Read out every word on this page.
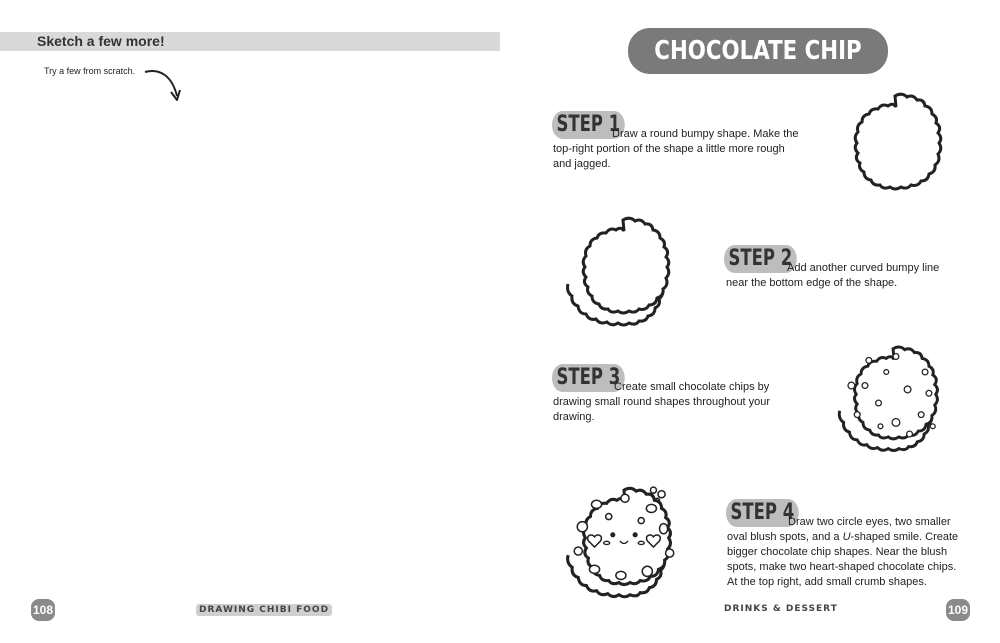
Sketch a few more!
Try a few from scratch.
108	DRAWING CHIBI FOOD
CHOCOLATE CHIP COOKIE
STEP 1
Draw a round bumpy shape. Make the top-right portion of the shape a little more rough and jagged.
STEP 2
Add another curved bumpy line near the bottom edge of the shape.
STEP 3
Create small chocolate chips by drawing small round shapes throughout your drawing.
STEP 4
Draw two circle eyes, two smaller oval blush spots, and a U-shaped smile. Create bigger chocolate chip shapes. Near the blush spots, make two heart-shaped chocolate chips. At the top right, add small crumb shapes.
DRINKS & DESSERT	109
